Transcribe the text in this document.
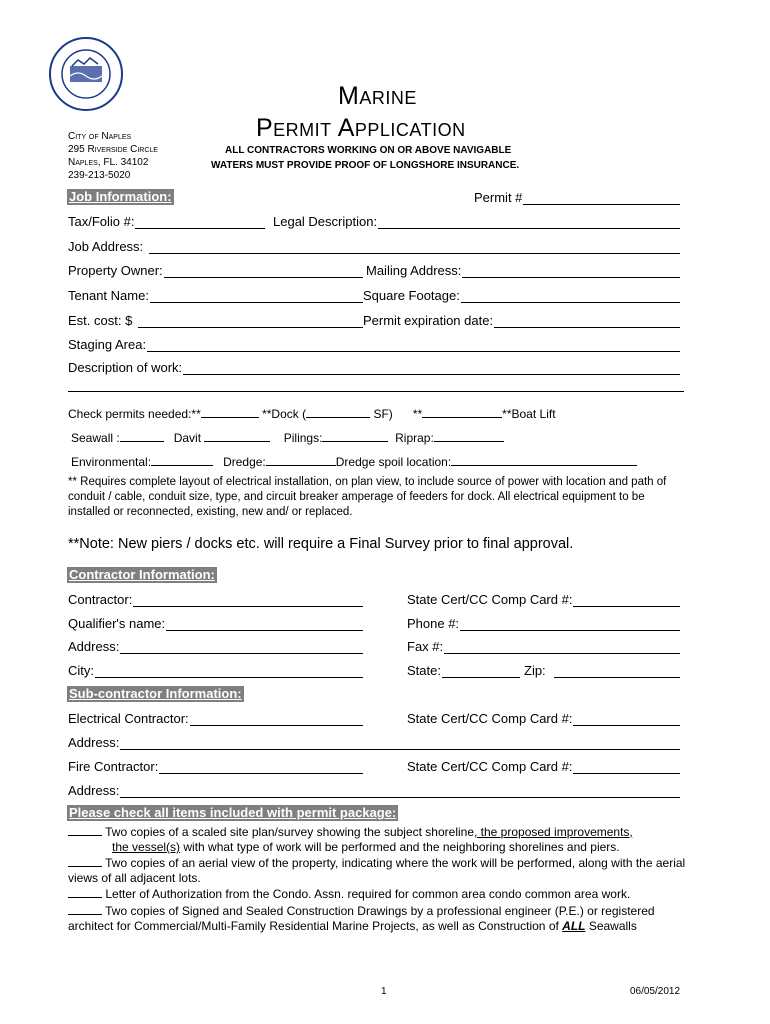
City of Naples
295 Riverside Circle
Naples, FL. 34102
239-213-5020
Marine
Permit Application
ALL CONTRACTORS WORKING ON OR ABOVE NAVIGABLE
WATERS MUST PROVIDE PROOF OF LONGSHORE INSURANCE.
Job Information:	Permit #
Tax/Folio #:	Legal Description:
Job Address:
Property Owner:	Mailing Address:
Tenant Name:	Square Footage:
Est. cost: $	Permit expiration date:
Staging Area:
Description of work:
Check permits needed:**	**Dock (	SF) **	**Boat Lift
Seawall :	Davit	Pilings:	Riprap:
Environmental:	Dredge:	Dredge spoil location:
** Requires complete layout of electrical installation, on plan view, to include source of power with location and path of conduit / cable, conduit size, type, and circuit breaker amperage of feeders for dock. All electrical equipment to be installed or reconnected, existing, new and/ or replaced.
**Note: New piers / docks etc. will require a Final Survey prior to final approval.
Contractor Information:
Contractor:	State Cert/CC Comp Card #:
Qualifier's name:	Phone #:
Address:	Fax #:
City:	State:	Zip:
Sub-contractor Information:
Electrical Contractor:	State Cert/CC Comp Card #:
Address:
Fire Contractor:	State Cert/CC Comp Card #:
Address:
Please check all items included with permit package:
Two copies of a scaled site plan/survey showing the subject shoreline, the proposed improvements,
the vessel(s) with what type of work will be performed and the neighboring shorelines and piers.
Two copies of an aerial view of the property, indicating where the work will be performed, along with the aerial views of all adjacent lots.
Letter of Authorization from the Condo. Assn. required for common area condo common area work.
Two copies of Signed and Sealed Construction Drawings by a professional engineer (P.E.) or registered architect for Commercial/Multi-Family Residential Marine Projects, as well as Construction of ALL Seawalls
1	06/05/2012
